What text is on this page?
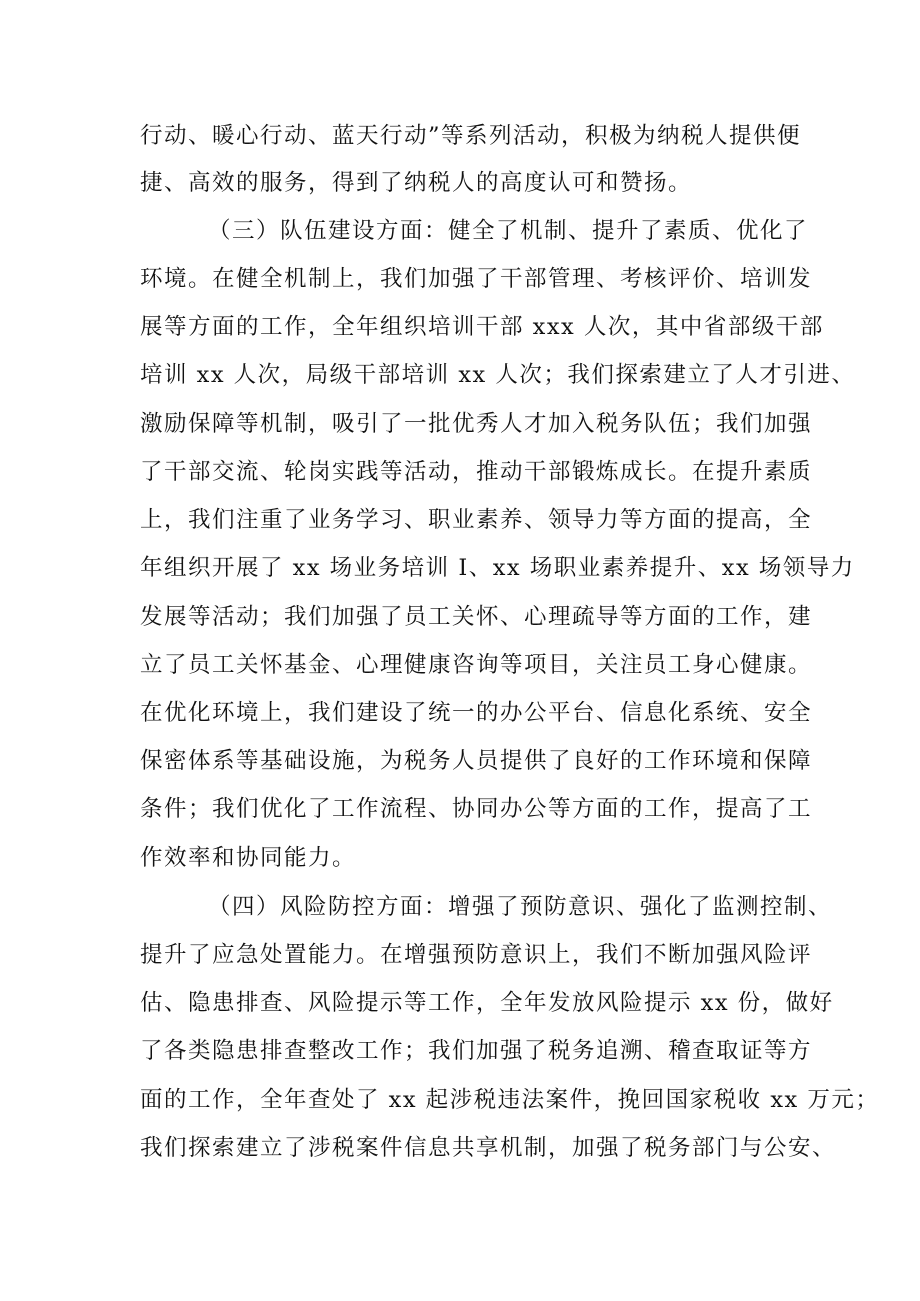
行动、暖心行动、蓝天行动”等系列活动，积极为纳税人提供便
捷、高效的服务，得到了纳税人的高度认可和赞扬。
（三）队伍建设方面：健全了机制、提升了素质、优化了
环境。在健全机制上，我们加强了干部管理、考核评价、培训发
展等方面的工作，全年组织培训干部 xxx 人次，其中省部级干部
培训 xx 人次，局级干部培训 xx 人次；我们探索建立了人才引进、
激励保障等机制，吸引了一批优秀人才加入税务队伍；我们加强
了干部交流、轮岗实践等活动，推动干部锻炼成长。在提升素质
上，我们注重了业务学习、职业素养、领导力等方面的提高，全
年组织开展了 xx 场业务培训 I、xx 场职业素养提升、xx 场领导力
发展等活动；我们加强了员工关怀、心理疏导等方面的工作，建
立了员工关怀基金、心理健康咨询等项目，关注员工身心健康。
在优化环境上，我们建设了统一的办公平台、信息化系统、安全
保密体系等基础设施，为税务人员提供了良好的工作环境和保障
条件；我们优化了工作流程、协同办公等方面的工作，提高了工
作效率和协同能力。
（四）风险防控方面：增强了预防意识、强化了监测控制、
提升了应急处置能力。在增强预防意识上，我们不断加强风险评
估、隐患排查、风险提示等工作，全年发放风险提示 xx 份，做好
了各类隐患排查整改工作；我们加强了税务追溯、稽查取证等方
面的工作，全年查处了 xx 起涉税违法案件，挽回国家税收 xx 万元；
我们探索建立了涉税案件信息共享机制，加强了税务部门与公安、
